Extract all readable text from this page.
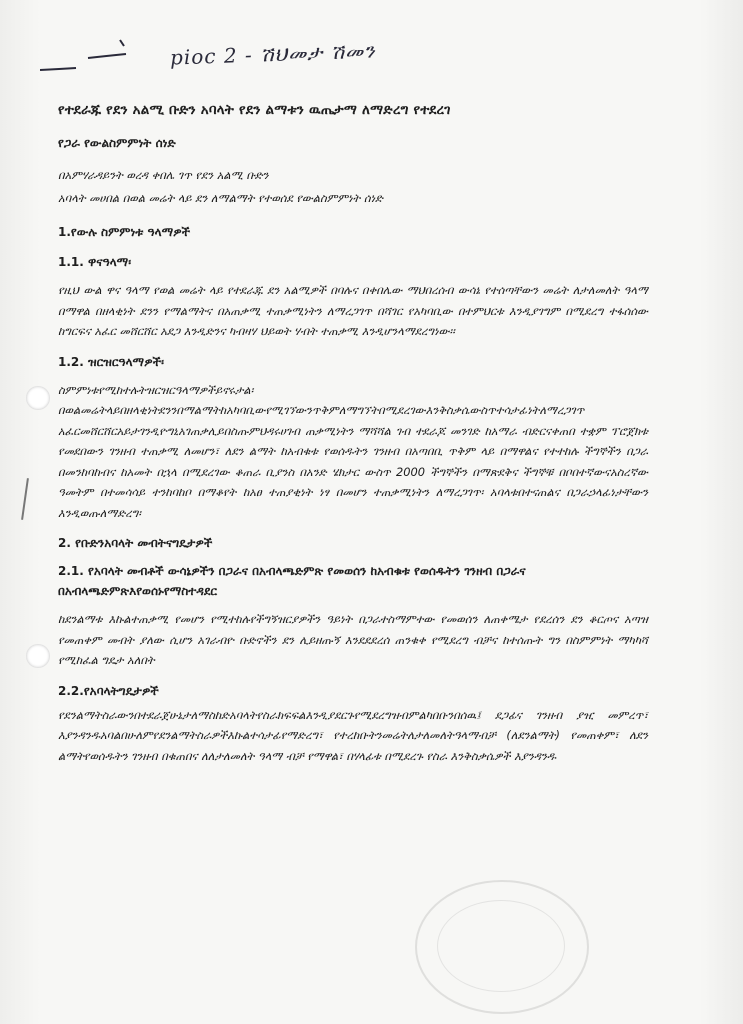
pioc 2 - ሽህመታ ሽመን
የተደራጁ የደን አልሚ ቡድን አባላት የደን ልማቱን ዉጤታማ ለማድረግ የተደረገ
የጋራ የውልስምምነት ሰነድ
በአምሃራዳይንት ወረዳ ቀበሌ ገጥ የደን አልሚ ቡድን
አባላት መሀበል በወል መሬት ላይ ደን ለማልማት የተወሰደ የውልስምምነት ሰነድ
1.የውሉ ስምምነቱ ዓላማዎች
1.1. ዋናዓላማ፡
የዚህ ውል ዋና ዓላማ የወል መሬት ላይ የተደራጁ ደን አልሚዎች በባሉና በቀበሌው ማህበረሰብ ውሳኔ የተሰጣቸውን መሬት ለታለመለት ዓላማ በማዋል በዘላቂነት ደንን የማልማትና በአጠቃሚ ተጠቃሚነትን ለማረጋገጥ በሻገር የአካባቢው በተምህርቱ እንዲያገግም በሚደረግ ተፋሰሰው ከግርፍና አፈር መሸርሸር አደጋ እንዲድንና ካብዛሃ ህይወት ሃብት ተጠቃሚ እንዲሆንላማደረግነው፡፡
1.2. ዝርዝርዓላማዎች፡
ስምምነቱየሚከተሉትዝርዝርዓላማዎችይኖሩታል፡ በወልመሬትላይበዘላቂነትደንንበማልማትከአካባቢውየሚገኘውንጥቅምለማግኘትበሚደረገውእንቅስቃሴውስጥተሳታፊነትለማረጋገጥ አፈርመሸርሸርአይታገንዲዮግኒአገጠቃሊይበስጡምህዳሩሀገብ ጠቃሚነትን ማሻሻል ገብ ተደራጆ መንገድ ከአማራ ብድርናቀጠበ ተቋም ፕሮጀክቱ የመደበውን ገንዘብ ተጠቃሚ ለመሆን፣ ለደን ልማት ከአብቁቱ የወሰዱትን ገንዘብ በአጣበቢ ጥቅም ላይ በማዋልና የተተከሉ ችግኞችን በጋራ በመንከባከብና ከአመት በኋላ በሚደረገው ቆጠራ ቢያንስ በአንድ ሄክታር ውስጥ 2000 ችግኞችን በማጽደቅና ችግኞቹ በቦበተኛውናአስረኛው ዓመትም በተመሳሳይ ተንከባከቦ በማቆየት ከአፀ ተጠያቂነት ነፃ በመሆን ተጠቃሚነትን ለማረጋገጥ፡ አባላቱበተናጠልና በጋራኃላፊነታቸውን እንዲወጡለማድረግ፡
2. የቡድንአባላት መብትናግዴታዎች
2.1. የአባላት መብቶች ውሳኔዎችን በጋራና በአብላጫድምጽ የመወሰን ከአብቁቱ የወሰዱትን ገንዘብ በጋራና በአብላጫድምጽእየወሰኑየማስተዳደር
ከደንልማቱ እኩልተጠቃሚ የመሆን የሚተከሉየችግኝዝርያዎችን ዓይነት በጋራተስማምተው የመወሰን ለጠቀሜታ የደረሰን ደን ቆርጦና አጣዝ የመጠቀም መብት ያለው ሲሆን አገራብዮ ቡድኖችን ደን ሊይዘጡኝ እንደደደረሰ ጠንቁቀ የሚደረግ ብቻና ከተሰጡት ግን በስምምነት ማካካሻ የሚከፈል ግዴታ አለበት
2.2.የአባላትግዴታዎች
የደንልማትስራውንበተደራጀሁኔታለማስከድአባላትየስራክፍፍልእንዲያደርጉየሚደረግዝብምልካበቡንበሰዉ፤ ደጋፊና ገንዘብ ያዢ መምረጥ፣ እያንዳንዱአባልበሁለምየደንልማትስራዎችእኩልተሳታፊየማድረግ፣ የተረከቡትንመሬትለታለመለትዓላማብቻ (ለደንልማት) የመጠቀም፣ ለደን ልማትየወሰዱትን ገንዘብ በቁጠበና ለለታለመለት ዓላማ ብቻ የማዋል፣ በሃላፊቱ በሚደረጉ የስራ እንቅስቃሴዎች እያንዳንዱ
